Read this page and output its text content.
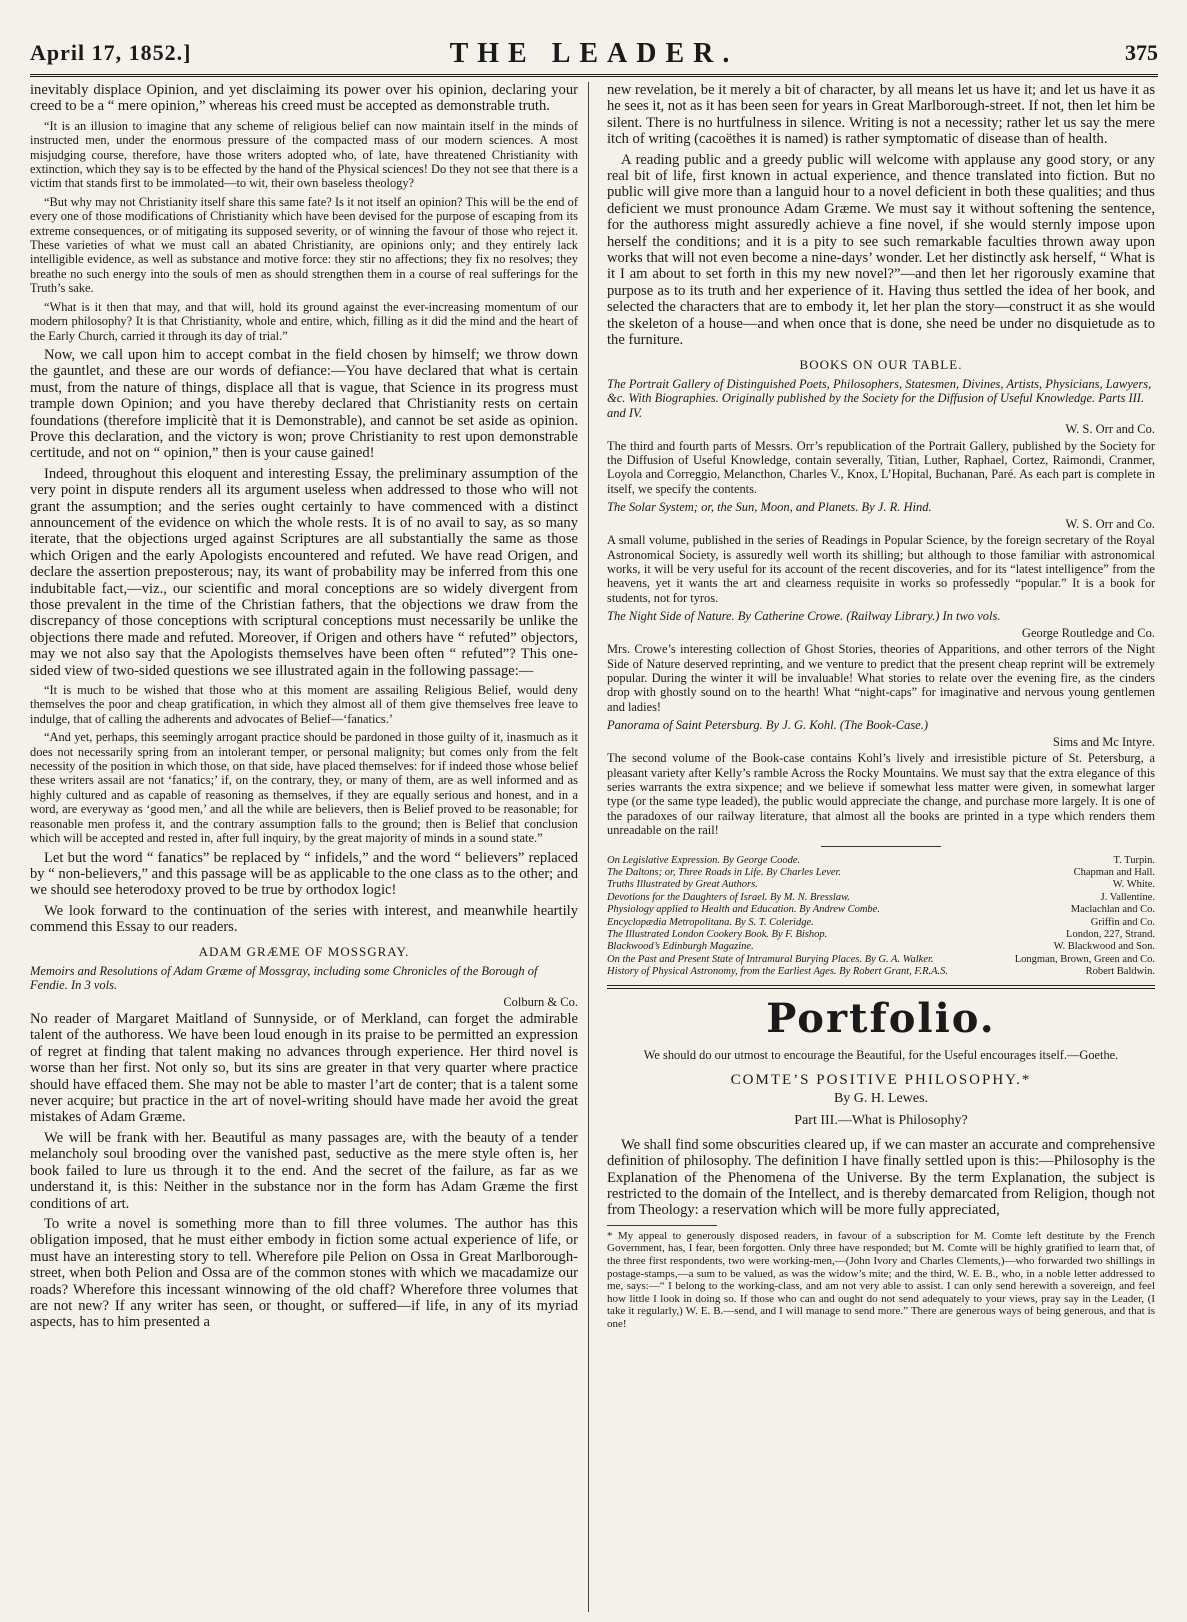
April 17, 1852.]	THE LEADER.	375

inevitably displace Opinion, and yet disclaiming its power over his opinion, declaring your creed to be a “ mere opinion,” whereas his creed must be accepted as demonstrable truth.

“It is an illusion to imagine that any scheme of religious belief can now maintain itself in the minds of instructed men, under the enormous pressure of the compacted mass of our modern sciences. A most misjudging course, therefore, have those writers adopted who, of late, have threatened Christianity with extinction, which they say is to be effected by the hand of the Physical sciences! Do they not see that there is a victim that stands first to be immolated—to wit, their own baseless theology?

“But why may not Christianity itself share this same fate? Is it not itself an opinion? This will be the end of every one of those modifications of Christianity which have been devised for the purpose of escaping from its extreme consequences, or of mitigating its supposed severity, or of winning the favour of those who reject it. These varieties of what we must call an abated Christianity, are opinions only; and they entirely lack intelligible evidence, as well as substance and motive force: they stir no affections; they fix no resolves; they breathe no such energy into the souls of men as should strengthen them in a course of real sufferings for the Truth’s sake.

“What is it then that may, and that will, hold its ground against the ever-increasing momentum of our modern philosophy? It is that Christianity, whole and entire, which, filling as it did the mind and the heart of the Early Church, carried it through its day of trial.”

Now, we call upon him to accept combat in the field chosen by himself; we throw down the gauntlet, and these are our words of defiance:—You have declared that what is certain must, from the nature of things, displace all that is vague, that Science in its progress must trample down Opinion; and you have thereby declared that Christianity rests on certain foundations (therefore implicitè that it is Demonstrable), and cannot be set aside as opinion. Prove this declaration, and the victory is won; prove Christianity to rest upon demonstrable certitude, and not on “ opinion,” then is your cause gained!

Indeed, throughout this eloquent and interesting Essay, the preliminary assumption of the very point in dispute renders all its argument useless when addressed to those who will not grant the assumption; and the series ought certainly to have commenced with a distinct announcement of the evidence on which the whole rests. It is of no avail to say, as so many iterate, that the objections urged against Scriptures are all substantially the same as those which Origen and the early Apologists encountered and refuted. We have read Origen, and declare the assertion preposterous; nay, its want of probability may be inferred from this one indubitable fact,—viz., our scientific and moral conceptions are so widely divergent from those prevalent in the time of the Christian fathers, that the objections we draw from the discrepancy of those conceptions with scriptural conceptions must necessarily be unlike the objections there made and refuted. Moreover, if Origen and others have “ refuted” objectors, may we not also say that the Apologists themselves have been often “ refuted”? This one-sided view of two-sided questions we see illustrated again in the following passage:—

“It is much to be wished that those who at this moment are assailing Religious Belief, would deny themselves the poor and cheap gratification, in which they almost all of them give themselves free leave to indulge, that of calling the adherents and advocates of Belief—‘fanatics.’

“And yet, perhaps, this seemingly arrogant practice should be pardoned in those guilty of it, inasmuch as it does not necessarily spring from an intolerant temper, or personal malignity; but comes only from the felt necessity of the position in which those, on that side, have placed themselves: for if indeed those whose belief these writers assail are not ‘fanatics;’ if, on the contrary, they, or many of them, are as well informed and as highly cultured and as capable of reasoning as themselves, if they are equally serious and honest, and in a word, are everyway as ‘good men,’ and all the while are believers, then is Belief proved to be reasonable; for reasonable men profess it, and the contrary assumption falls to the ground; then is Belief that conclusion which will be accepted and rested in, after full inquiry, by the great majority of minds in a sound state.”

Let but the word “ fanatics” be replaced by “ infidels,” and the word “ believers” replaced by “ non-believers,” and this passage will be as applicable to the one class as to the other; and we should see heterodoxy proved to be true by orthodox logic!

We look forward to the continuation of the series with interest, and meanwhile heartily commend this Essay to our readers.

ADAM GRÆME OF MOSSGRAY.
Memoirs and Resolutions of Adam Græme of Mossgray, including some Chronicles of the Borough of Fendie. In 3 vols.
Colburn & Co.

No reader of Margaret Maitland of Sunnyside, or of Merkland, can forget the admirable talent of the authoress. We have been loud enough in its praise to be permitted an expression of regret at finding that talent making no advances through experience. Her third novel is worse than her first. Not only so, but its sins are greater in that very quarter where practice should have effaced them. She may not be able to master l’art de conter; that is a talent some never acquire; but practice in the art of novel-writing should have made her avoid the great mistakes of Adam Græme.

We will be frank with her. Beautiful as many passages are, with the beauty of a tender melancholy soul brooding over the vanished past, seductive as the mere style often is, her book failed to lure us through it to the end. And the secret of the failure, as far as we understand it, is this: Neither in the substance nor in the form has Adam Græme the first conditions of art.

To write a novel is something more than to fill three volumes. The author has this obligation imposed, that he must either embody in fiction some actual experience of life, or must have an interesting story to tell. Wherefore pile Pelion on Ossa in Great Marlborough-street, when both Pelion and Ossa are of the common stones with which we macadamize our roads? Wherefore this incessant winnowing of the old chaff? Wherefore three volumes that are not new? If any writer has seen, or thought, or suffered—if life, in any of its myriad aspects, has to him presented a

new revelation, be it merely a bit of character, by all means let us have it; and let us have it as he sees it, not as it has been seen for years in Great Marlborough-street. If not, then let him be silent. There is no hurtfulness in silence. Writing is not a necessity; rather let us say the mere itch of writing (cacoëthes it is named) is rather symptomatic of disease than of health.

A reading public and a greedy public will welcome with applause any good story, or any real bit of life, first known in actual experience, and thence translated into fiction. But no public will give more than a languid hour to a novel deficient in both these qualities; and thus deficient we must pronounce Adam Græme. We must say it without softening the sentence, for the authoress might assuredly achieve a fine novel, if she would sternly impose upon herself the conditions; and it is a pity to see such remarkable faculties thrown away upon works that will not even become a nine-days’ wonder. Let her distinctly ask herself, “ What is it I am about to set forth in this my new novel?”—and then let her rigorously examine that purpose as to its truth and her experience of it. Having thus settled the idea of her book, and selected the characters that are to embody it, let her plan the story—construct it as she would the skeleton of a house—and when once that is done, she need be under no disquietude as to the furniture.

BOOKS ON OUR TABLE.
The Portrait Gallery of Distinguished Poets, Philosophers, Statesmen, Divines, Artists, Physicians, Lawyers, &c. With Biographies. Originally published by the Society for the Diffusion of Useful Knowledge. Parts III. and IV.
W. S. Orr and Co.

The third and fourth parts of Messrs. Orr’s republication of the Portrait Gallery, published by the Society for the Diffusion of Useful Knowledge, contain severally, Titian, Luther, Raphael, Cortez, Raimondi, Cranmer, Loyola and Correggio, Melancthon, Charles V., Knox, L’Hopital, Buchanan, Paré. As each part is complete in itself, we specify the contents.

The Solar System; or, the Sun, Moon, and Planets. By J. R. Hind.
W. S. Orr and Co.

A small volume, published in the series of Readings in Popular Science, by the foreign secretary of the Royal Astronomical Society, is assuredly well worth its shilling; but although to those familiar with astronomical works, it will be very useful for its account of the recent discoveries, and for its “latest intelligence” from the heavens, yet it wants the art and clearness requisite in works so professedly “popular.” It is a book for students, not for tyros.

The Night Side of Nature. By Catherine Crowe. (Railway Library.) In two vols.
George Routledge and Co.

Mrs. Crowe’s interesting collection of Ghost Stories, theories of Apparitions, and other terrors of the Night Side of Nature deserved reprinting, and we venture to predict that the present cheap reprint will be extremely popular. During the winter it will be invaluable! What stories to relate over the evening fire, as the cinders drop with ghostly sound on to the hearth! What “night-caps” for imaginative and nervous young gentlemen and ladies!

Panorama of Saint Petersburg. By J. G. Kohl. (The Book-Case.)
Sims and Mc Intyre.

The second volume of the Book-case contains Kohl’s lively and irresistible picture of St. Petersburg, a pleasant variety after Kelly’s ramble Across the Rocky Mountains. We must say that the extra elegance of this series warrants the extra sixpence; and we believe if somewhat less matter were given, in somewhat larger type (or the same type leaded), the public would appreciate the change, and purchase more largely. It is one of the paradoxes of our railway literature, that almost all the books are printed in a type which renders them unreadable on the rail!

On Legislative Expression. By George Coode.	T. Turpin.
The Daltons; or, Three Roads in Life. By Charles Lever.	Chapman and Hall.
Truths Illustrated by Great Authors.	W. White.
Devotions for the Daughters of Israel. By M. N. Bresslaw.	J. Vallentine.
Physiology applied to Health and Education. By Andrew Combe.	Maclachlan and Co.
Encyclopædia Metropolitana. By S. T. Coleridge.	Griffin and Co.
The Illustrated London Cookery Book. By F. Bishop.	London, 227, Strand.
Blackwood’s Edinburgh Magazine.	W. Blackwood and Son.
On the Past and Present State of Intramural Burying Places. By G. A. Walker.	Longman, Brown, Green and Co.
History of Physical Astronomy, from the Earliest Ages. By Robert Grant, F.R.A.S.	Robert Baldwin.
Portfolio.
We should do our utmost to encourage the Beautiful, for the Useful encourages itself.—Goethe.
COMTE’S POSITIVE PHILOSOPHY.*
By G. H. Lewes.
Part III.—What is Philosophy?

We shall find some obscurities cleared up, if we can master an accurate and comprehensive definition of philosophy. The definition I have finally settled upon is this:—Philosophy is the Explanation of the Phenomena of the Universe. By the term Explanation, the subject is restricted to the domain of the Intellect, and is thereby demarcated from Religion, though not from Theology: a reservation which will be more fully appreciated,

* My appeal to generously disposed readers, in favour of a subscription for M. Comte left destitute by the French Government, has, I fear, been forgotten. Only three have responded; but M. Comte will be highly gratified to learn that, of the three first respondents, two were working-men,—(John Ivory and Charles Clements,)—who forwarded two shillings in postage-stamps,—a sum to be valued, as was the widow’s mite; and the third, W. E. B., who, in a noble letter addressed to me, says:—“ I belong to the working-class, and am not very able to assist. I can only send herewith a sovereign, and feel how little I look in doing so. If those who can and ought do not send adequately to your views, pray say in the Leader, (I take it regularly,) W. E. B.—send, and I will manage to send more.” There are generous ways of being generous, and that is one!
